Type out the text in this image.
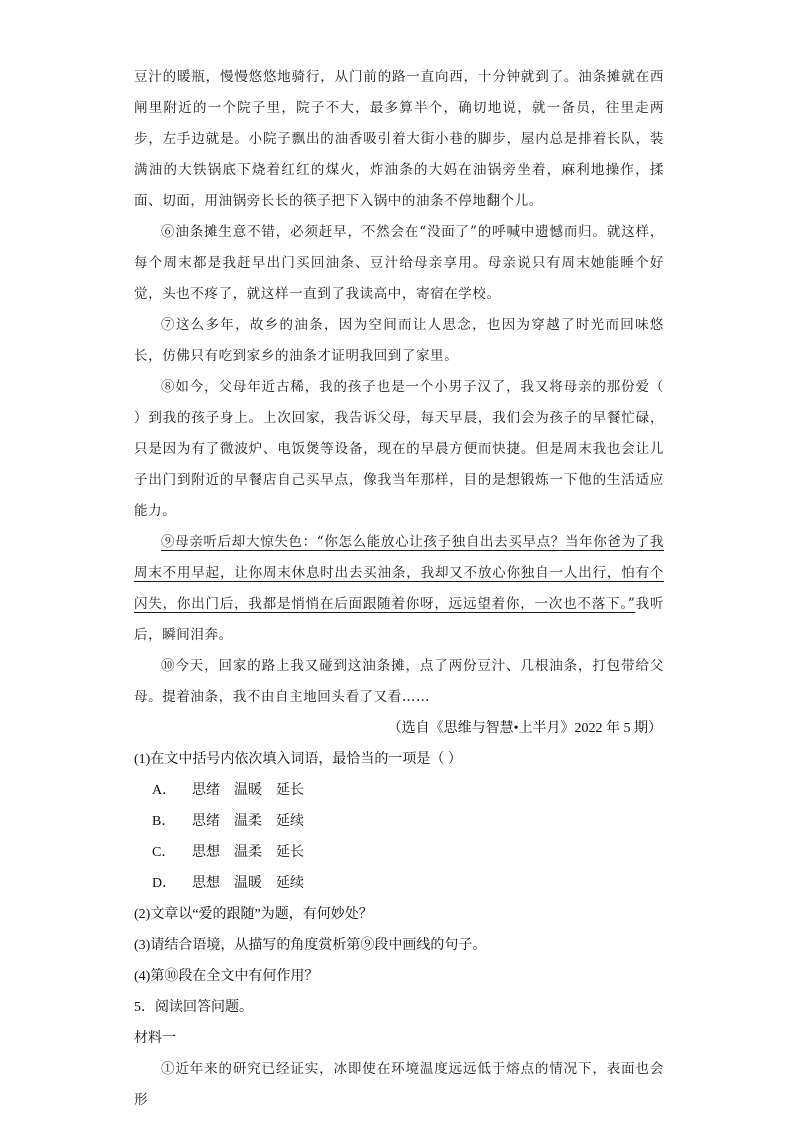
豆汁的暖瓶，慢慢悠悠地骑行，从门前的路一直向西，十分钟就到了。油条摊就在西闸里附近的一个院子里，院子不大，最多算半个，确切地说，就一备员，往里走两步，左手边就是。小院子飘出的油香吸引着大街小巷的脚步，屋内总是排着长队，装满油的大铁锅底下烧着红红的煤火，炸油条的大妈在油锅旁坐着，麻利地操作，揉面、切面，用油锅旁长长的筷子把下入锅中的油条不停地翻个儿。

⑥油条摊生意不错，必须赶早，不然会在“没面了”的呼喊中遗憾而归。就这样，每个周末都是我赶早出门买回油条、豆汁给母亲享用。母亲说只有周末她能睡个好觉，头也不疼了，就这样一直到了我读高中，寄宿在学校。

⑦这么多年，故乡的油条，因为空间而让人思念，也因为穿越了时光而回味悠长，仿佛只有吃到家乡的油条才证明我回到了家里。

⑧如今，父母年近古稀，我的孩子也是一个小男子汉了，我又将母亲的那份爱（ ）到我的孩子身上。上次回家，我告诉父母，每天早晨，我们会为孩子的早餐忙碌，只是因为有了微波炉、电饭煲等设备，现在的早晨方便而快捷。但是周末我也会让儿子出门到附近的早餐店自己买早点，像我当年那样，目的是想锻炼一下他的生活适应能力。

⑨母亲听后却大惊失色：“你怎么能放心让孩子独自出去买早点？当年你爸为了我周末不用早起，让你周末休息时出去买油条，我却又不放心你独自一人出行，怕有个闪失，你出门后，我都是悄悄在后面跟随着你呀，远远望着你，一次也不落下。”我听后，瞬间泪奔。

⑩今天，回家的路上我又碰到这油条摊，点了两份豆汁、几根油条，打包带给父母。提着油条，我不由自主地回头看了又看……

（选自《思维与智慧•上半月》2022 年 5 期）

(1)在文中括号内依次填入词语，最恰当的一项是（ ）

A． 思绪 温暖 延长

B． 思绪 温柔 延续

C． 思想 温柔 延长

D． 思想 温暖 延续

(2)文章以“爱的跟随”为题，有何妙处？

(3)请结合语境，从描写的角度赏析第⑨段中画线的句子。

(4)第⑩段在全文中有何作用？

5．阅读回答问题。

材料一

①近年来的研究已经证实，冰即使在环境温度远远低于熔点的情况下，表面也会形
